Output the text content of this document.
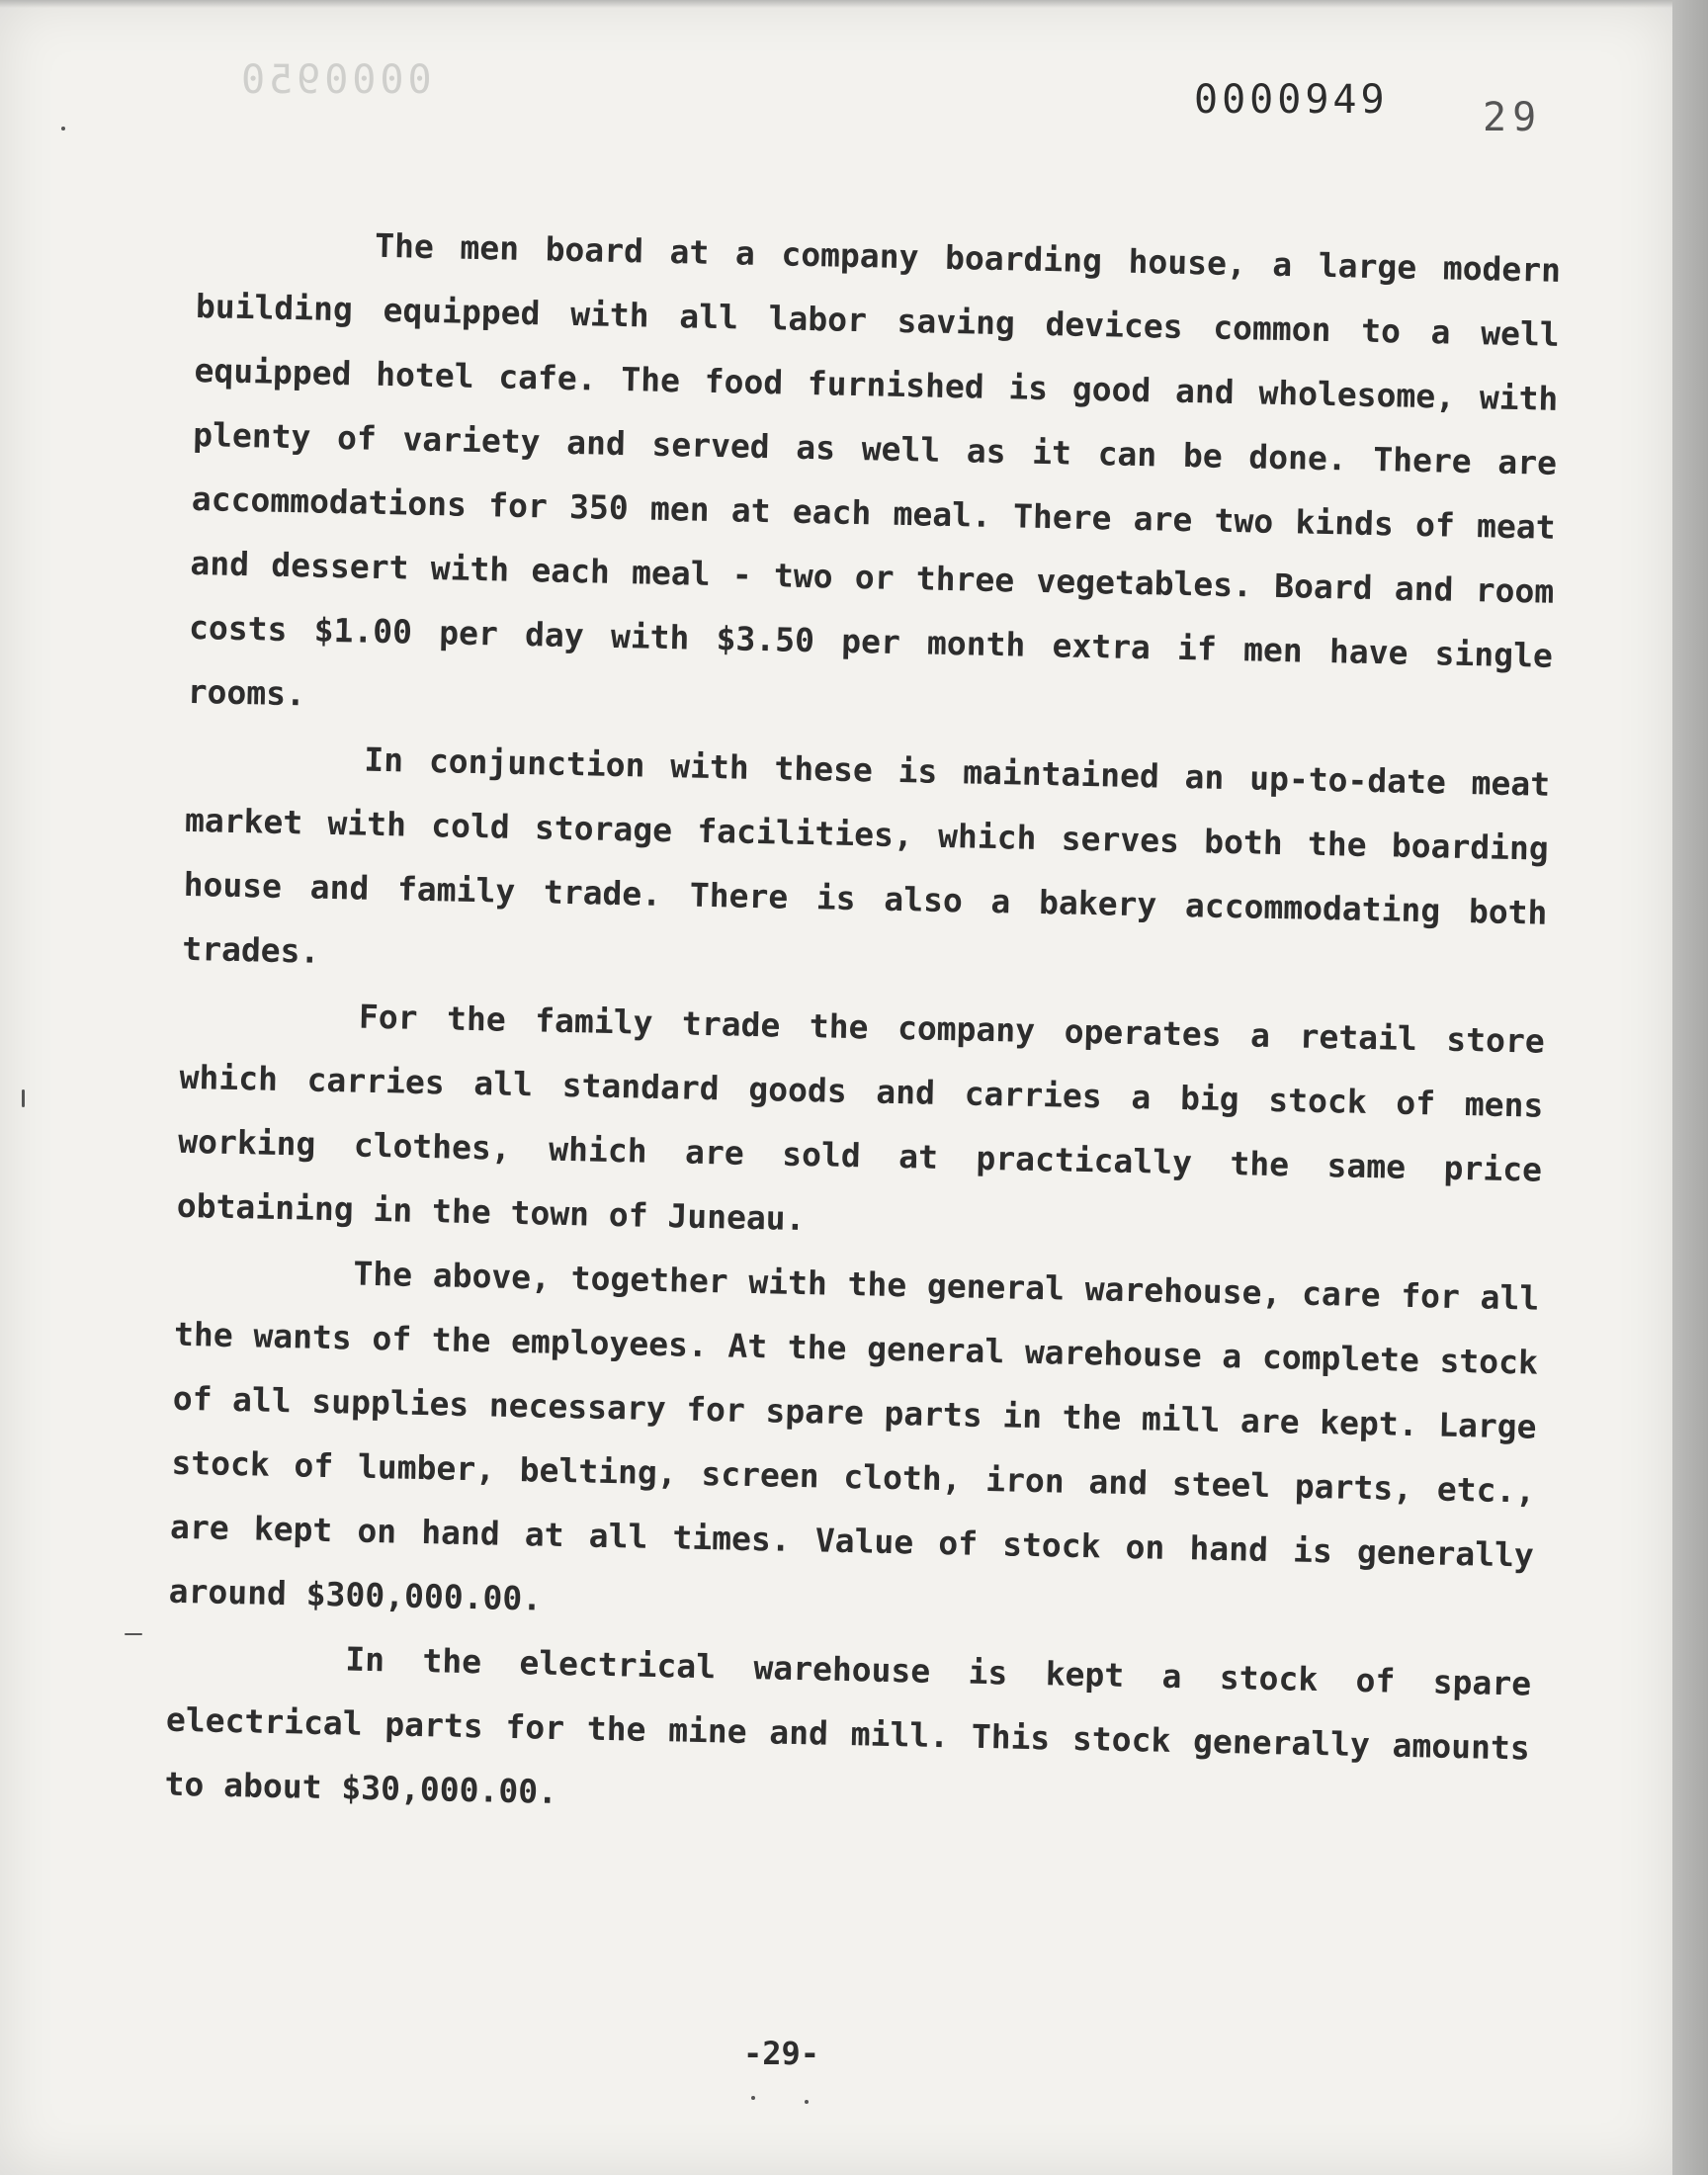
0000950	0000949 29

The men board at a company boarding house, a large modern building equipped with all labor saving devices common to a well equipped hotel cafe. The food furnished is good and wholesome, with plenty of variety and served as well as it can be done. There are accommodations for 350 men at each meal. There are two kinds of meat and dessert with each meal - two or three vegetables. Board and room costs $1.00 per day with $3.50 per month extra if men have single rooms.

In conjunction with these is maintained an up-to-date meat market with cold storage facilities, which serves both the boarding house and family trade. There is also a bakery accommodating both trades.

For the family trade the company operates a retail store which carries all standard goods and carries a big stock of mens working clothes, which are sold at practically the same price obtaining in the town of Juneau.

The above, together with the general warehouse, care for all the wants of the employees. At the general warehouse a complete stock of all supplies necessary for spare parts in the mill are kept. Large stock of lumber, belting, screen cloth, iron and steel parts, etc., are kept on hand at all times. Value of stock on hand is generally around $300,000.00.

In the electrical warehouse is kept a stock of spare electrical parts for the mine and mill. This stock generally amounts to about $30,000.00.

-29-
